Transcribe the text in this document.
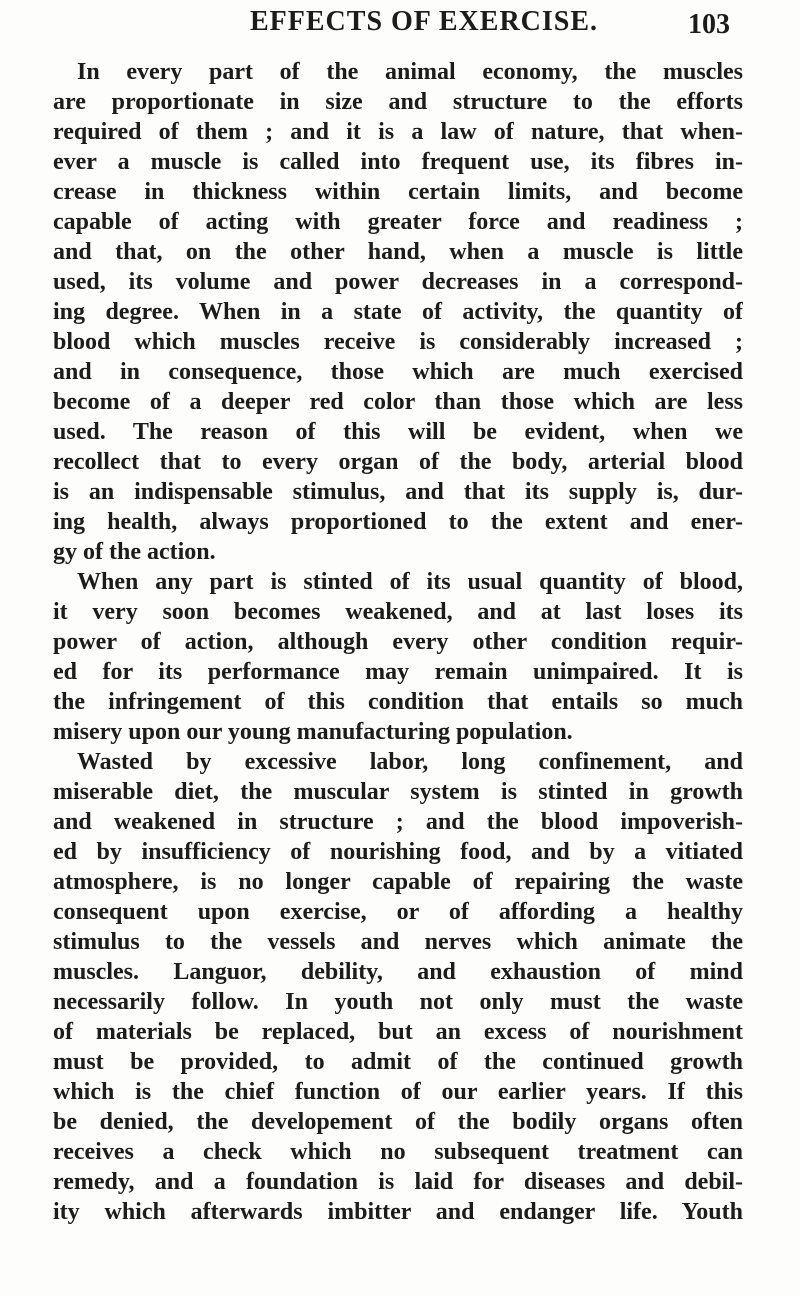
EFFECTS OF EXERCISE.	103
In every part of the animal economy, the muscles
are proportionate in size and structure to the efforts
required of them ; and it is a law of nature, that when-
ever a muscle is called into frequent use, its fibres in-
crease in thickness within certain limits, and become
capable of acting with greater force and readiness ;
and that, on the other hand, when a muscle is little
used, its volume and power decreases in a correspond-
ing degree. When in a state of activity, the quantity of
blood which muscles receive is considerably increased ;
and in consequence, those which are much exercised
become of a deeper red color than those which are less
used. The reason of this will be evident, when we
recollect that to every organ of the body, arterial blood
is an indispensable stimulus, and that its supply is, dur-
ing health, always proportioned to the extent and ener-
gy of the action.
When any part is stinted of its usual quantity of blood,
it very soon becomes weakened, and at last loses its
power of action, although every other condition requir-
ed for its performance may remain unimpaired. It is
the infringement of this condition that entails so much
misery upon our young manufacturing population.
Wasted by excessive labor, long confinement, and
miserable diet, the muscular system is stinted in growth
and weakened in structure ; and the blood impoverish-
ed by insufficiency of nourishing food, and by a vitiated
atmosphere, is no longer capable of repairing the waste
consequent upon exercise, or of affording a healthy
stimulus to the vessels and nerves which animate the
muscles. Languor, debility, and exhaustion of mind
necessarily follow. In youth not only must the waste
of materials be replaced, but an excess of nourishment
must be provided, to admit of the continued growth
which is the chief function of our earlier years. If this
be denied, the developement of the bodily organs often
receives a check which no subsequent treatment can
remedy, and a foundation is laid for diseases and debil-
ity which afterwards imbitter and endanger life. Youth
